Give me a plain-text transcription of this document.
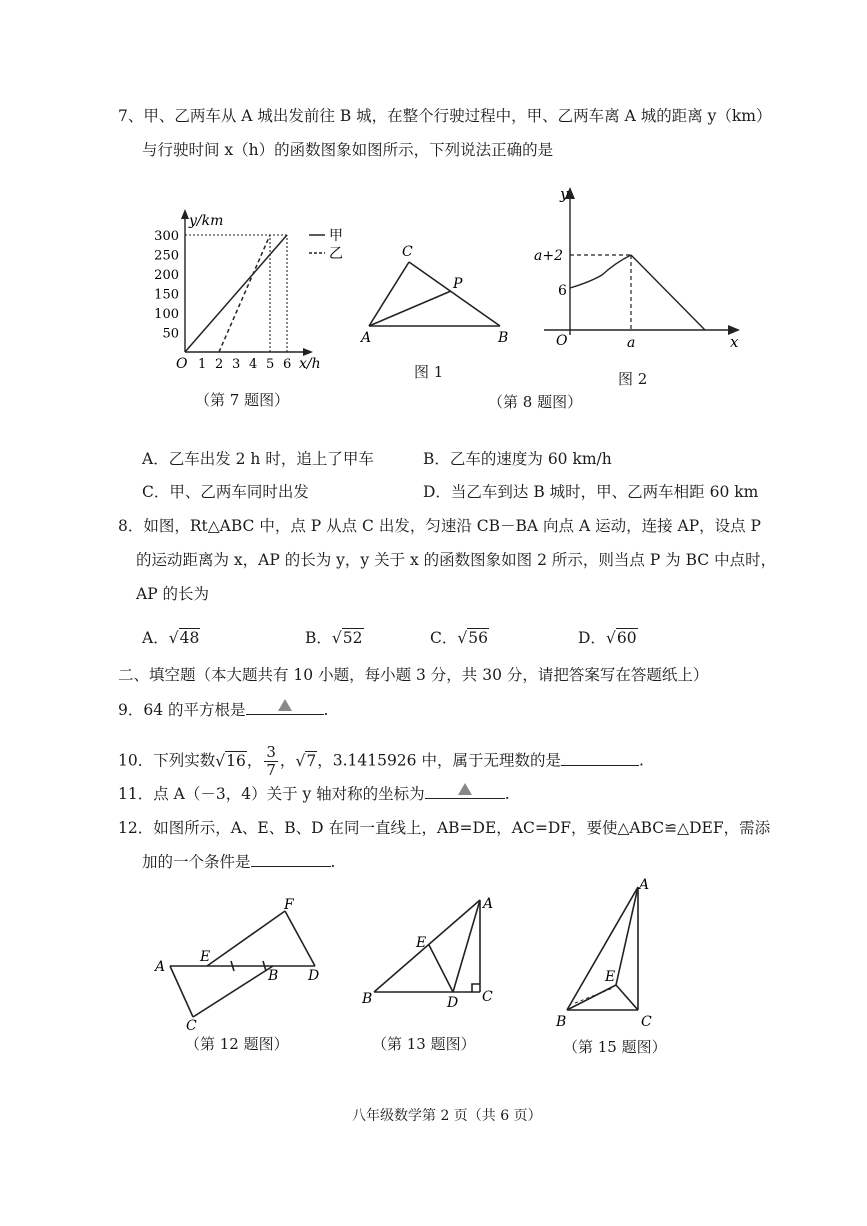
7、甲、乙两车从 A 城出发前往 B 城，在整个行驶过程中，甲、乙两车离 A 城的距离 y（km）
与行驶时间 x（h）的函数图象如图所示，下列说法正确的是
1 2 3 4 5 6
50
100
150
200
250
300
y/km
x/h
O
甲
乙
（第 7 题图）
C
P
A	B
图 1
y
x
O
a+2
6
a
图 2
（第 8 题图）
A．乙车出发 2 h 时，追上了甲车	B．乙车的速度为 60 km/h
C．甲、乙两车同时出发	D．当乙车到达 B 城时，甲、乙两车相距 60 km
8．如图，Rt△ABC 中，点 P 从点 C 出发，匀速沿 CB－BA 向点 A 运动，连接 AP，设点 P
的运动距离为 x，AP 的长为 y，y 关于 x 的函数图象如图 2 所示，则当点 P 为 BC 中点时，
AP 的长为
A．√48	B．√52	C．√56	D．√60
二、填空题（本大题共有 10 小题，每小题 3 分，共 30 分，请把答案写在答题纸上）
9．64 的平方根是	.
10．下列实数√16， $\frac{3}{7}$ ，√7，3.1415926 中，属于无理数的是	.
11．点 A（－3，4）关于 y 轴对称的坐标为	.
12．如图所示，A、E、B、D 在同一直线上，AB=DE，AC=DF，要使△ABC≌△DEF，需添
加的一个条件是	.
F
A
E
B D
C
（第 12 题图）
A
E
B	D C
（第 13 题图）
A
E
B	C
（第 15 题图）
八年级数学第 2 页（共 6 页）
